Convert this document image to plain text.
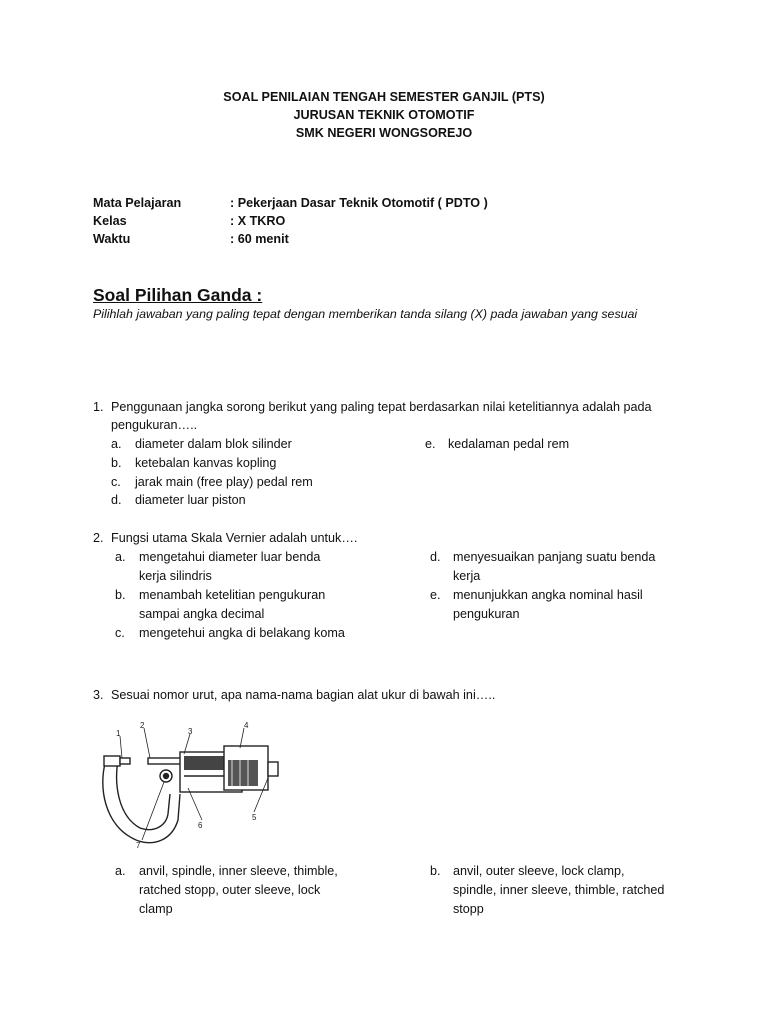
SOAL PENILAIAN TENGAH SEMESTER GANJIL (PTS)
JURUSAN TEKNIK OTOMOTIF
SMK NEGERI WONGSOREJO
Mata Pelajaran	: Pekerjaan Dasar Teknik Otomotif ( PDTO )
Kelas	: X TKRO
Waktu	: 60 menit
Soal Pilihan Ganda :
Pilihlah jawaban yang paling tepat dengan memberikan tanda silang (X) pada jawaban yang sesuai
1. Penggunaan jangka sorong berikut yang paling tepat berdasarkan nilai ketelitiannya adalah pada
pengukuran…..
a. diameter dalam blok silinder
b. ketebalan kanvas kopling
c. jarak main (free play) pedal rem
d. diameter luar piston
e. kedalaman pedal rem
2. Fungsi utama Skala Vernier adalah untuk….
a. mengetahui diameter luar benda
kerja silindris
b. menambah ketelitian pengukuran
sampai angka decimal
c. mengetehui angka di belakang koma
d. menyesuaikan panjang suatu benda
kerja
e. menunjukkan angka nominal hasil
pengukuran
3. Sesuai nomor urut, apa nama-nama bagian alat ukur di bawah ini…..
1
2
3
4
5
6
7
a. anvil, spindle, inner sleeve, thimble,
ratched stopp, outer sleeve, lock
clamp
b. anvil, outer sleeve, lock clamp,
spindle, inner sleeve, thimble, ratched
stopp
